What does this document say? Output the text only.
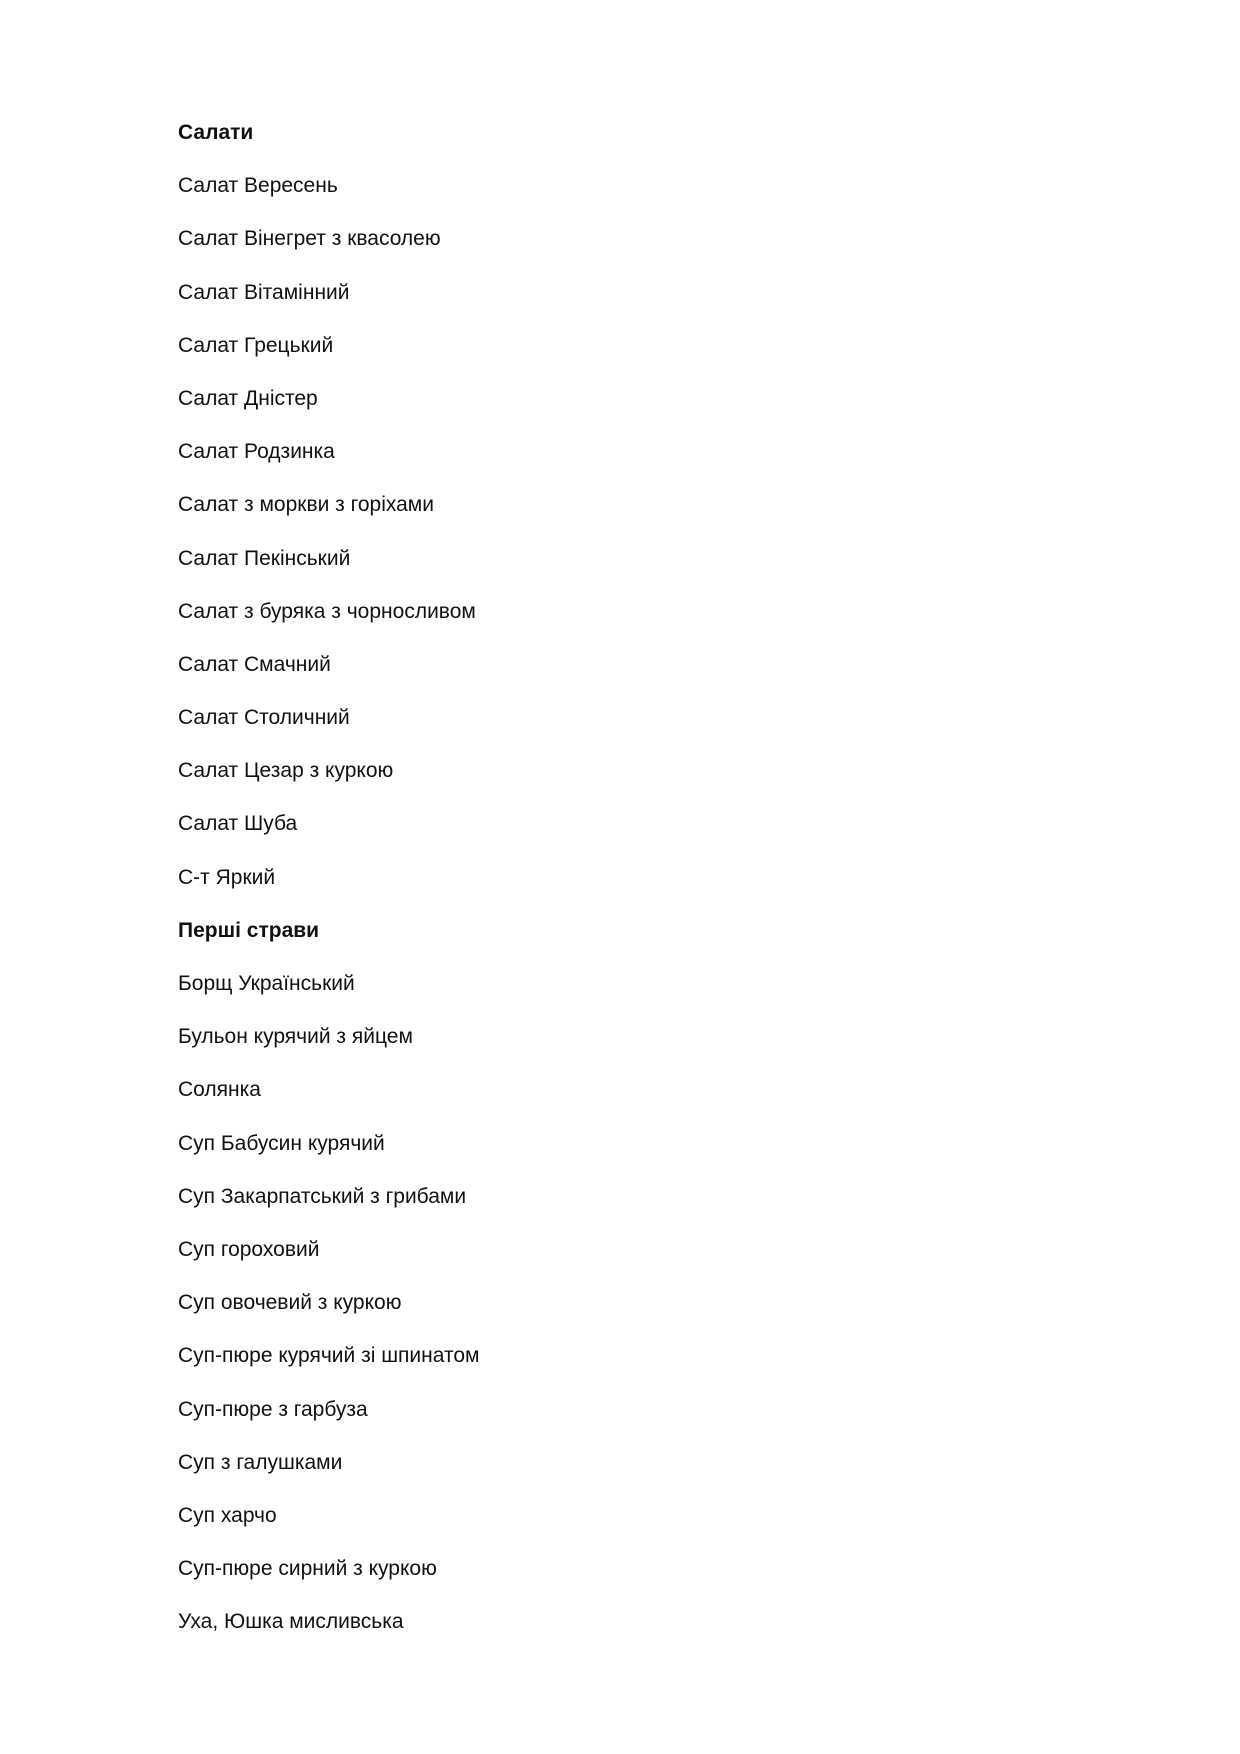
Салати
Салат Вересень
Салат Вінегрет з квасолею
Салат Вітамінний
Салат Грецький
Салат Дністер
Салат Родзинка
Салат з моркви з горіхами
Салат Пекінський
Салат з буряка з чорносливом
Салат Смачний
Салат Столичний
Салат Цезар з куркою
Салат Шуба
С-т Яркий
Перші страви
Борщ Український
Бульон курячий з яйцем
Солянка
Суп Бабусин курячий
Суп Закарпатський з грибами
Суп гороховий
Суп овочевий з куркою
Суп-пюре курячий зі шпинатом
Суп-пюре з гарбуза
Суп з галушками
Суп харчо
Суп-пюре сирний з куркою
Уха, Юшка мисливська
